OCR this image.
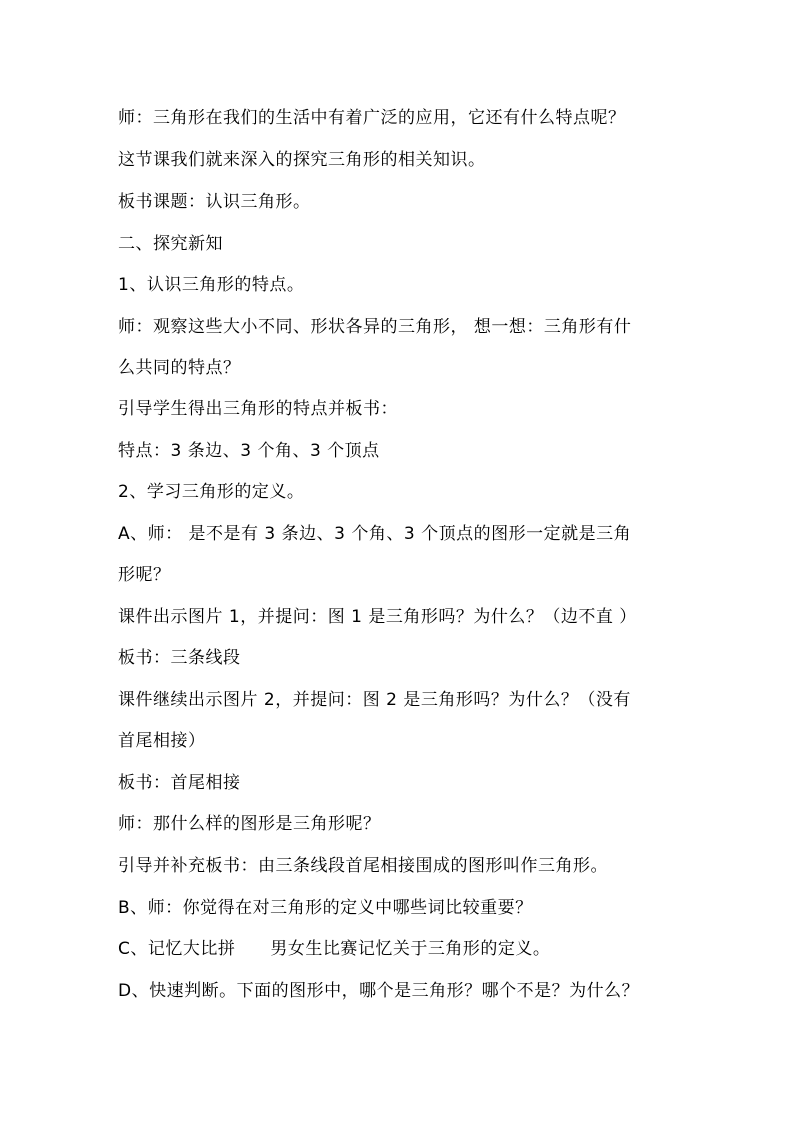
师：三角形在我们的生活中有着广泛的应用，它还有什么特点呢？
这节课我们就来深入的探究三角形的相关知识。
板书课题：认识三角形。
二、探究新知
1、认识三角形的特点。
师：观察这些大小不同、形状各异的三角形， 想一想：三角形有什
么共同的特点？
引导学生得出三角形的特点并板书：
特点：3 条边、3 个角、3 个顶点
2、学习三角形的定义。
A、师： 是不是有 3 条边、3 个角、3 个顶点的图形一定就是三角
形呢？
课件出示图片 1，并提问：图 1 是三角形吗？为什么？（边不直 ）
板书：三条线段
课件继续出示图片 2，并提问：图 2 是三角形吗？为什么？（没有
首尾相接）
板书：首尾相接
师：那什么样的图形是三角形呢？
引导并补充板书：由三条线段首尾相接围成的图形叫作三角形。
B、师：你觉得在对三角形的定义中哪些词比较重要？
C、记忆大比拼　　男女生比赛记忆关于三角形的定义。
D、快速判断。下面的图形中，哪个是三角形？哪个不是？为什么？
